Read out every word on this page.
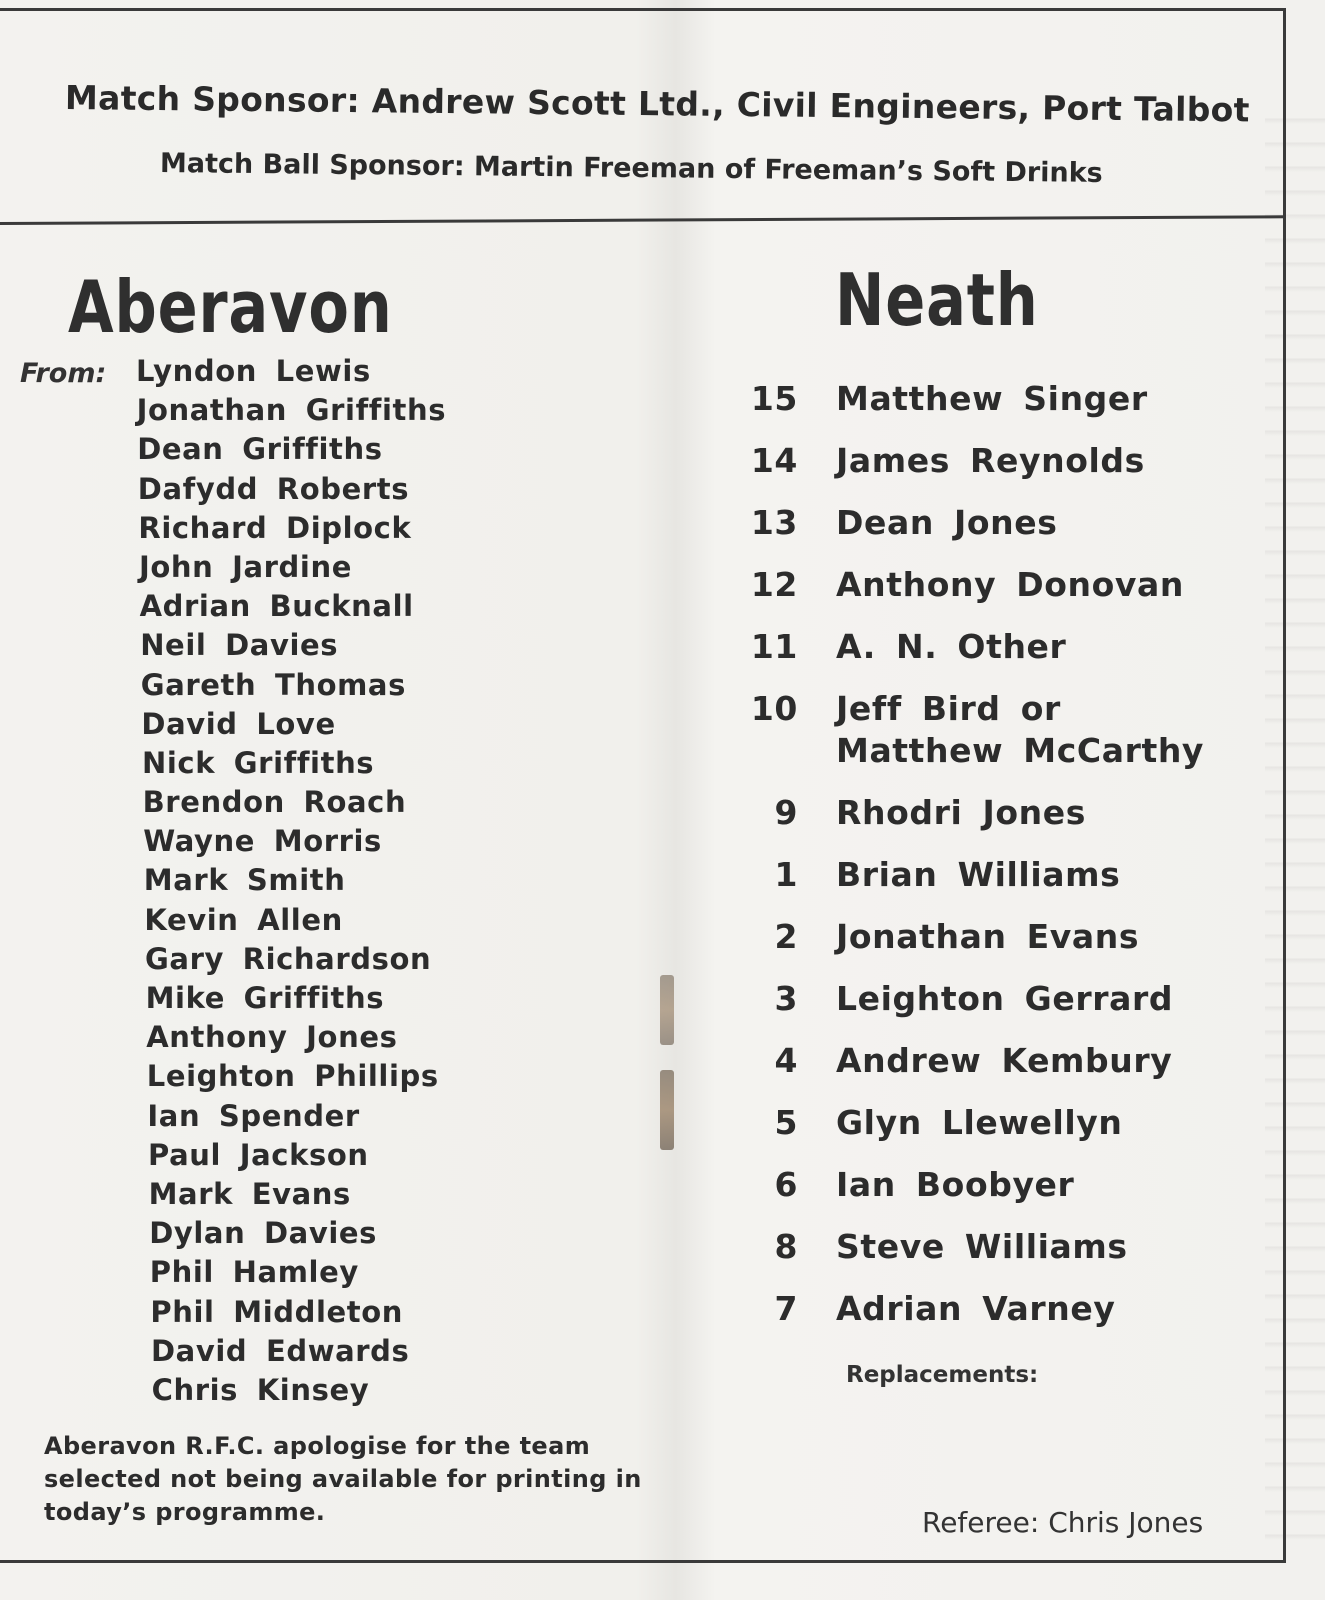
Match Sponsor: Andrew Scott Ltd., Civil Engineers, Port Talbot
Match Ball Sponsor: Martin Freeman of Freeman’s Soft Drinks
Aberavon
From: Lyndon Lewis
Jonathan Griffiths
Dean Griffiths
Dafydd Roberts
Richard Diplock
John Jardine
Adrian Bucknall
Neil Davies
Gareth Thomas
David Love
Nick Griffiths
Brendon Roach
Wayne Morris
Mark Smith
Kevin Allen
Gary Richardson
Mike Griffiths
Anthony Jones
Leighton Phillips
Ian Spender
Paul Jackson
Mark Evans
Dylan Davies
Phil Hamley
Phil Middleton
David Edwards
Chris Kinsey
Aberavon R.F.C. apologise for the team selected not being available for printing in today’s programme.
Neath
15 Matthew Singer
14 James Reynolds
13 Dean Jones
12 Anthony Donovan
11 A. N. Other
10 Jeff Bird or
Matthew McCarthy
9 Rhodri Jones
1 Brian Williams
2 Jonathan Evans
3 Leighton Gerrard
4 Andrew Kembury
5 Glyn Llewellyn
6 Ian Boobyer
8 Steve Williams
7 Adrian Varney
Replacements:
Referee: Chris Jones
